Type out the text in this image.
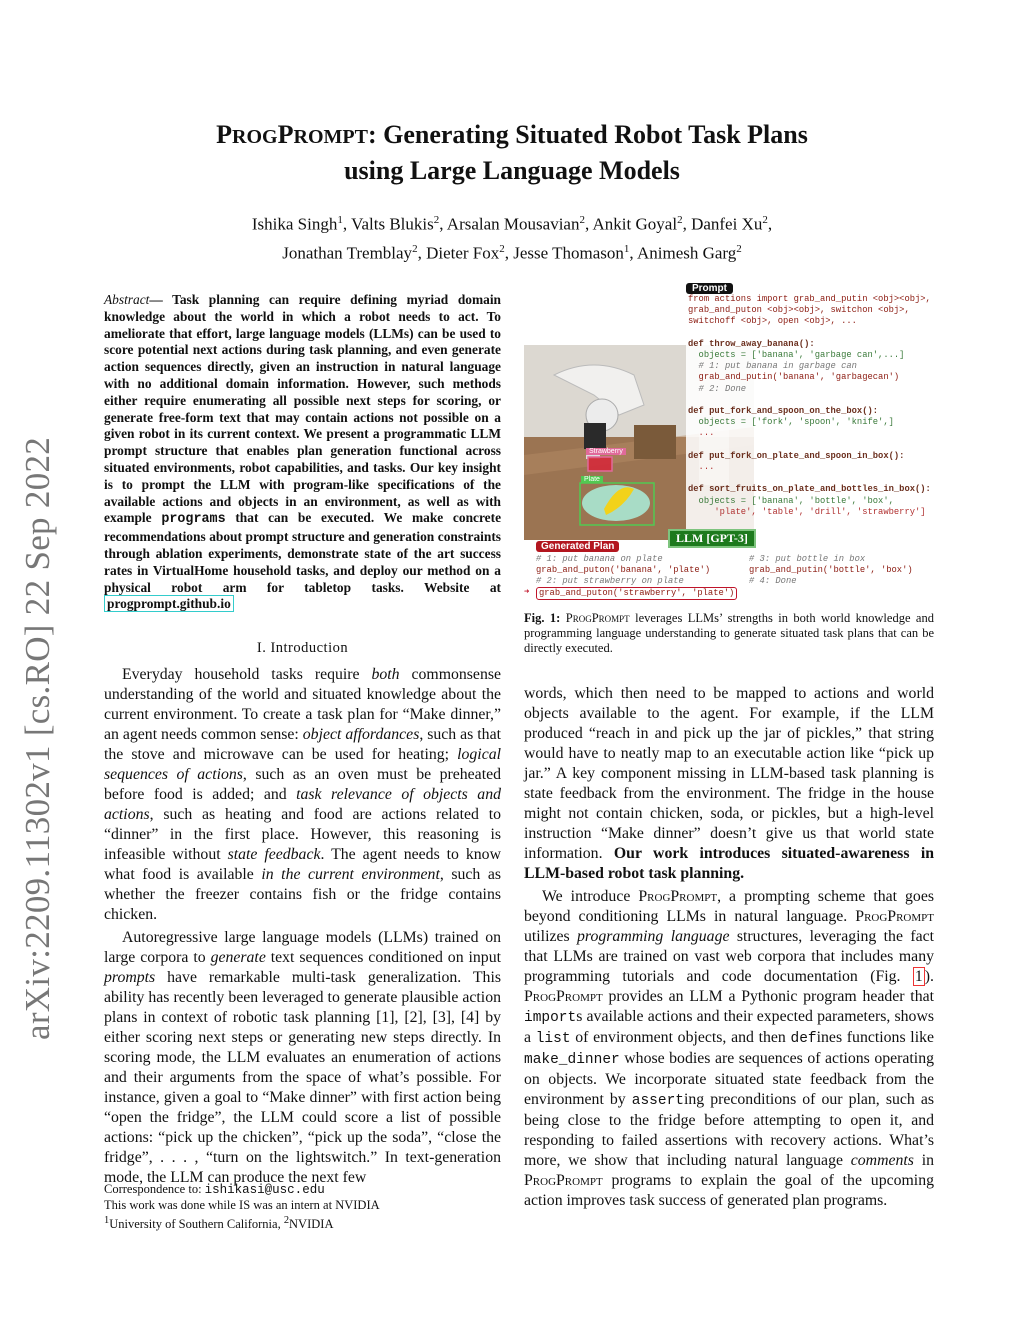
arXiv:2209.11302v1 [cs.RO] 22 Sep 2022
PROGPROMPT: Generating Situated Robot Task Plans
using Large Language Models
Ishika Singh$^1$, Valts Blukis$^2$, Arsalan Mousavian$^2$, Ankit Goyal$^2$, Danfei Xu$^2$,
Jonathan Tremblay$^2$, Dieter Fox$^2$, Jesse Thomason$^1$, Animesh Garg$^2$
Abstract— Task planning can require defining myriad domain knowledge about the world in which a robot needs to act. To ameliorate that effort, large language models (LLMs) can be used to score potential next actions during task planning, and even generate action sequences directly, given an instruction in natural language with no additional domain information. However, such methods either require enumerating all possible next steps for scoring, or generate free-form text that may contain actions not possible on a given robot in its current context. We present a programmatic LLM prompt structure that enables plan generation functional across situated environments, robot capabilities, and tasks. Our key insight is to prompt the LLM with program-like specifications of the available actions and objects in an environment, as well as with example programs that can be executed. We make concrete recommendations about prompt structure and generation constraints through ablation experiments, demonstrate state of the art success rates in VirtualHome household tasks, and deploy our method on a physical robot arm for tabletop tasks. Website at progprompt.github.io
I. Introduction

Everyday household tasks require both commonsense understanding of the world and situated knowledge about the current environment. To create a task plan for “Make dinner,” an agent needs common sense: object affordances, such as that the stove and microwave can be used for heating; logical sequences of actions, such as an oven must be preheated before food is added; and task relevance of objects and actions, such as heating and food are actions related to “dinner” in the first place. However, this reasoning is infeasible without state feedback. The agent needs to know what food is available in the current environment, such as whether the freezer contains fish or the fridge contains chicken.

Autoregressive large language models (LLMs) trained on large corpora to generate text sequences conditioned on input prompts have remarkable multi-task generalization. This ability has recently been leveraged to generate plausible action plans in context of robotic task planning [1], [2], [3], [4] by either scoring next steps or generating new steps directly. In scoring mode, the LLM evaluates an enumeration of actions and their arguments from the space of what’s possible. For instance, given a goal to “Make dinner” with first action being “open the fridge”, the LLM could score a list of possible actions: “pick up the chicken”, “pick up the soda”, “close the fridge”, . . . , “turn on the lightswitch.” In text-generation mode, the LLM can produce the next few

Correspondence to: ishikasi@usc.edu
This work was done while IS was an intern at NVIDIA
$^1$University of Southern California, $^2$NVIDIA
Strawberry
Plate
Prompt
from actions import grab_and_putin <obj><obj>,
grab_and_puton <obj><obj>, switchon <obj>,
switchoff <obj>, open <obj>, ...
def throw_away_banana():
objects = ['banana', 'garbage can',...]
# 1: put banana in garbage can
grab_and_putin('banana', 'garbagecan')
# 2: Done
def put_fork_and_spoon_on_the_box():
objects = ['fork', 'spoon', 'knife',]
...
def put_fork_on_plate_and_spoon_in_box():
...
def sort_fruits_on_plate_and_bottles_in_box():
objects = ['banana', 'bottle', 'box',
'plate', 'table', 'drill', 'strawberry']
LLM [GPT-3]
Generated Plan
# 1: put banana on plate
grab_and_puton('banana', 'plate')
# 2: put strawberry on plate
➜	grab_and_puton('strawberry', 'plate')
# 3: put bottle in box
grab_and_putin('bottle', 'box')
# 4: Done
Fig. 1: ProgPrompt leverages LLMs’ strengths in both world knowledge and programming language understanding to generate situated task plans that can be directly executed.

words, which then need to be mapped to actions and world objects available to the agent. For example, if the LLM produced “reach in and pick up the jar of pickles,” that string would have to neatly map to an executable action like “pick up jar.” A key component missing in LLM-based task planning is state feedback from the environment. The fridge in the house might not contain chicken, soda, or pickles, but a high-level instruction “Make dinner” doesn’t give us that world state information. Our work introduces situated-awareness in LLM-based robot task planning.

We introduce ProgPrompt, a prompting scheme that goes beyond conditioning LLMs in natural language. ProgPrompt utilizes programming language structures, leveraging the fact that LLMs are trained on vast web corpora that includes many programming tutorials and code documentation (Fig. 1 ). ProgPrompt provides an LLM a Pythonic program header that imports available actions and their expected parameters, shows a list of environment objects, and then defines functions like make_dinner whose bodies are sequences of actions operating on objects. We incorporate situated state feedback from the environment by asserting preconditions of our plan, such as being close to the fridge before attempting to open it, and responding to failed assertions with recovery actions. What’s more, we show that including natural language comments in ProgPrompt programs to explain the goal of the upcoming action improves task success of generated plan programs.
